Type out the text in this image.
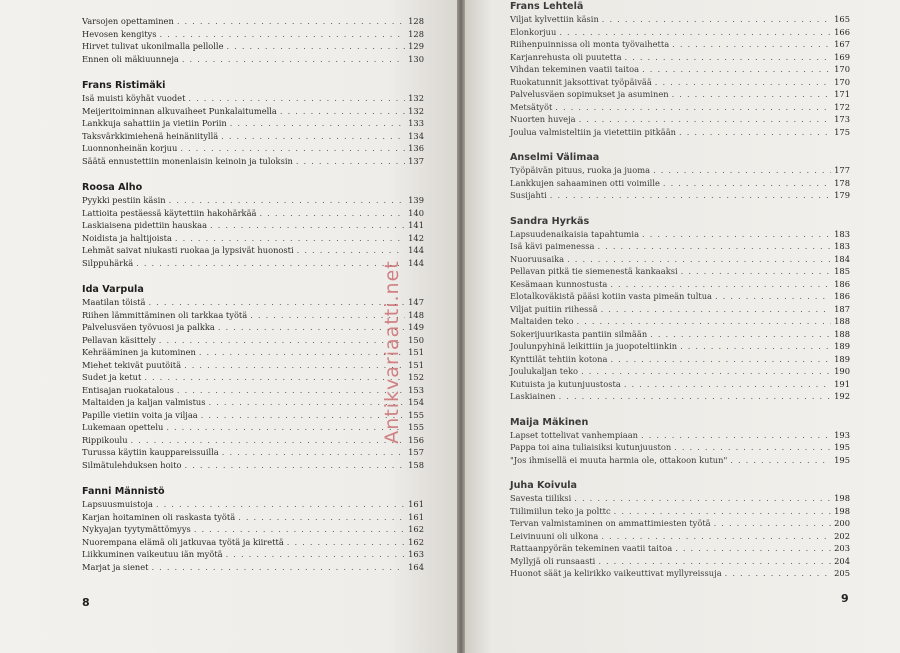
Varsojen opettaminen . . .	128
Hevosen kengitys . . .	128
Hirvet tulivat ukonilmalla pellolle . . .	129
Ennen oli mäkiuunneja . . .	130
Frans Ristimäki
Isä muisti köyhät vuodet . . .	132
Meijeritoiminnan alkuvaiheet Punkalaitumella . . .	132
Lankkuja sahattiin ja vietiin Poriin . . .	133
Taksvärkkimiehenä heinäniityllä . . .	134
Luonnonheinän korjuu . . .	136
Säätä ennustettiin monenlaisin keinoin ja tuloksin . . .	137
Roosa Alho
Pyykki pestiin käsin . . .	139
Lattioita pestäessä käytettiin hakohärkää . . .	140
Laskiaisena pidettiin hauskaa . . .	141
Noidista ja haltijoista . . .	142
Lehmät saivat niukasti ruokaa ja lypsivät huonosti . . .	144
Silppuhärkä . . .	144
Ida Varpula
Maatilan töistä . . .	147
Riihen lämmittäminen oli tarkkaa työtä . . .	148
Palvelusväen työvuosi ja palkka . . .	149
Pellavan käsittely . . .	150
Kehrääminen ja kutominen . . .	151
Miehet tekivät puutöitä . . .	151
Sudet ja ketut . . .	152
Entisajan ruokatalous . . .	153
Maltaiden ja kaljan valmistus . . .	154
Papille vietiin voita ja viljaa . . .	155
Lukemaan opettelu . . .	155
Rippikoulu . . .	156
Turussa käytiin kauppareissuilla . . .	157
Silmätulehduksen hoito . . .	158
Fanni Männistö
Lapsuusmuistoja . . .	161
Karjan hoitaminen oli raskasta työtä . . .	161
Nykyajan tyytymättömyys . . .	162
Nuorempana elämä oli jatkuvaa työtä ja kiirettä . . .	162
Liikkuminen vaikeutuu iän myötä . . .	163
Marjat ja sienet . . .	164
8
Antikvariaatti.net
Frans Lehtelä
Viljat kylvettiin käsin . . .	165
Elonkorjuu . . .	166
Riihenpuinnissa oli monta työvaihetta . . .	167
Karjanrehusta oli puutetta . . .	169
Vihdan tekeminen vaatii taitoa . . .	170
Ruokatunnit jaksottivat työpäivää . . .	170
Palvelusväen sopimukset ja asuminen . . .	171
Metsätyöt . . .	172
Nuorten huveja . . .	173
Joulua valmisteltiin ja vietettiin pitkään . . .	175
Anselmi Välimaa
Työpäivän pituus, ruoka ja juoma . . .	177
Lankkujen sahaaminen otti voimille . . .	178
Susijahti . . .	179
Sandra Hyrkäs
Lapsuudenaikaisia tapahtumia . . .	183
Isä kävi paimenessa . . .	183
Nuoruusaika . . .	184
Pellavan pitkä tie siemenestä kankaaksi . . .	185
Kesämaan kunnostusta . . .	186
Elotalkoväkistä pääsi kotiin vasta pimeän tultua . . .	186
Viljat puitiin riihessä . . .	187
Maltaiden teko . . .	188
Sokerijuurikasta pantiin silmään . . .	188
Joulunpyhinä leikittiin ja juopoteltiinkin . . .	189
Kynttilät tehtiin kotona . . .	189
Joulukaljan teko . . .	190
Kutuista ja kutunjuustosta . . .	191
Laskiainen . . .	192
Maija Mäkinen
Lapset tottelivat vanhempiaan . . .	193
Pappa toi aina tuliaisiksi kutunjuuston . . .	195
"Jos ihmisellä ei muuta harmia ole, ottakoon kutun" . . .	195
Juha Koivula
Savesta tiiliksi . . .	198
Tiilimiilun teko ja polttc . . .	198
Tervan valmistaminen on ammattimiesten työtä . . .	200
Leivinuuni oli ulkona . . .	202
Rattaanpyörän tekeminen vaatii taitoa . . .	203
Myllyjä oli runsaasti . . .	204
Huonot säät ja kelirikko vaikeuttivat myllyreissuja . . .	205
9
